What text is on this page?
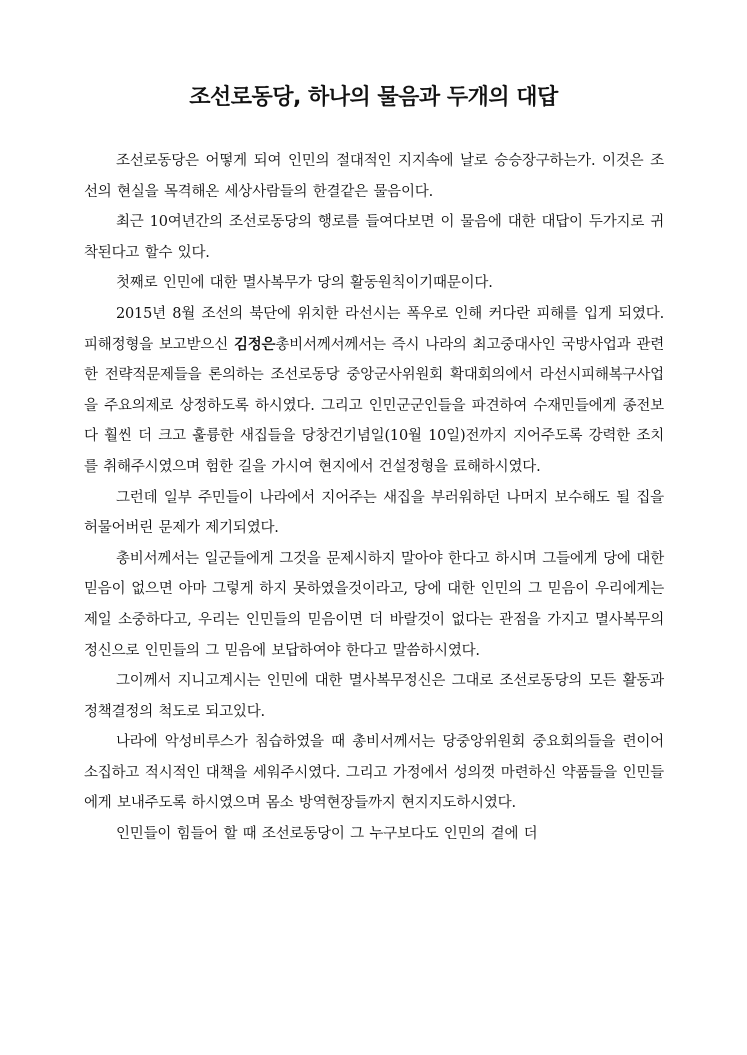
조선로동당, 하나의 물음과 두개의 대답

조선로동당은 어떻게 되여 인민의 절대적인 지지속에 날로 승승장구하는가. 이것은 조선의 현실을 목격해온 세상사람들의 한결같은 물음이다.

최근 10여년간의 조선로동당의 행로를 들여다보면 이 물음에 대한 대답이 두가지로 귀착된다고 할수 있다.

첫째로 인민에 대한 멸사복무가 당의 활동원칙이기때문이다.

2015년 8월 조선의 북단에 위치한 라선시는 폭우로 인해 커다란 피해를 입게 되였다. 피해정형을 보고받으신 김정은총비서께서께서는 즉시 나라의 최고중대사인 국방사업과 관련한 전략적문제들을 론의하는 조선로동당 중앙군사위원회 확대회의에서 라선시피해복구사업을 주요의제로 상정하도록 하시였다. 그리고 인민군군인들을 파견하여 수재민들에게 종전보다 훨씬 더 크고 훌륭한 새집들을 당창건기념일(10월 10일)전까지 지어주도록 강력한 조치를 취해주시였으며 험한 길을 가시여 현지에서 건설정형을 료해하시였다.

그런데 일부 주민들이 나라에서 지어주는 새집을 부러워하던 나머지 보수해도 될 집을 허물어버린 문제가 제기되였다.

총비서께서는 일군들에게 그것을 문제시하지 말아야 한다고 하시며 그들에게 당에 대한 믿음이 없으면 아마 그렇게 하지 못하였을것이라고, 당에 대한 인민의 그 믿음이 우리에게는 제일 소중하다고, 우리는 인민들의 믿음이면 더 바랄것이 없다는 관점을 가지고 멸사복무의 정신으로 인민들의 그 믿음에 보답하여야 한다고 말씀하시였다.

그이께서 지니고계시는 인민에 대한 멸사복무정신은 그대로 조선로동당의 모든 활동과 정책결정의 척도로 되고있다.

나라에 악성비루스가 침습하였을 때 총비서께서는 당중앙위원회 중요회의들을 련이어 소집하고 적시적인 대책을 세워주시였다. 그리고 가정에서 성의껏 마련하신 약품들을 인민들에게 보내주도록 하시였으며 몸소 방역현장들까지 현지지도하시였다.

인민들이 힘들어 할 때 조선로동당이 그 누구보다도 인민의 곁에 더
